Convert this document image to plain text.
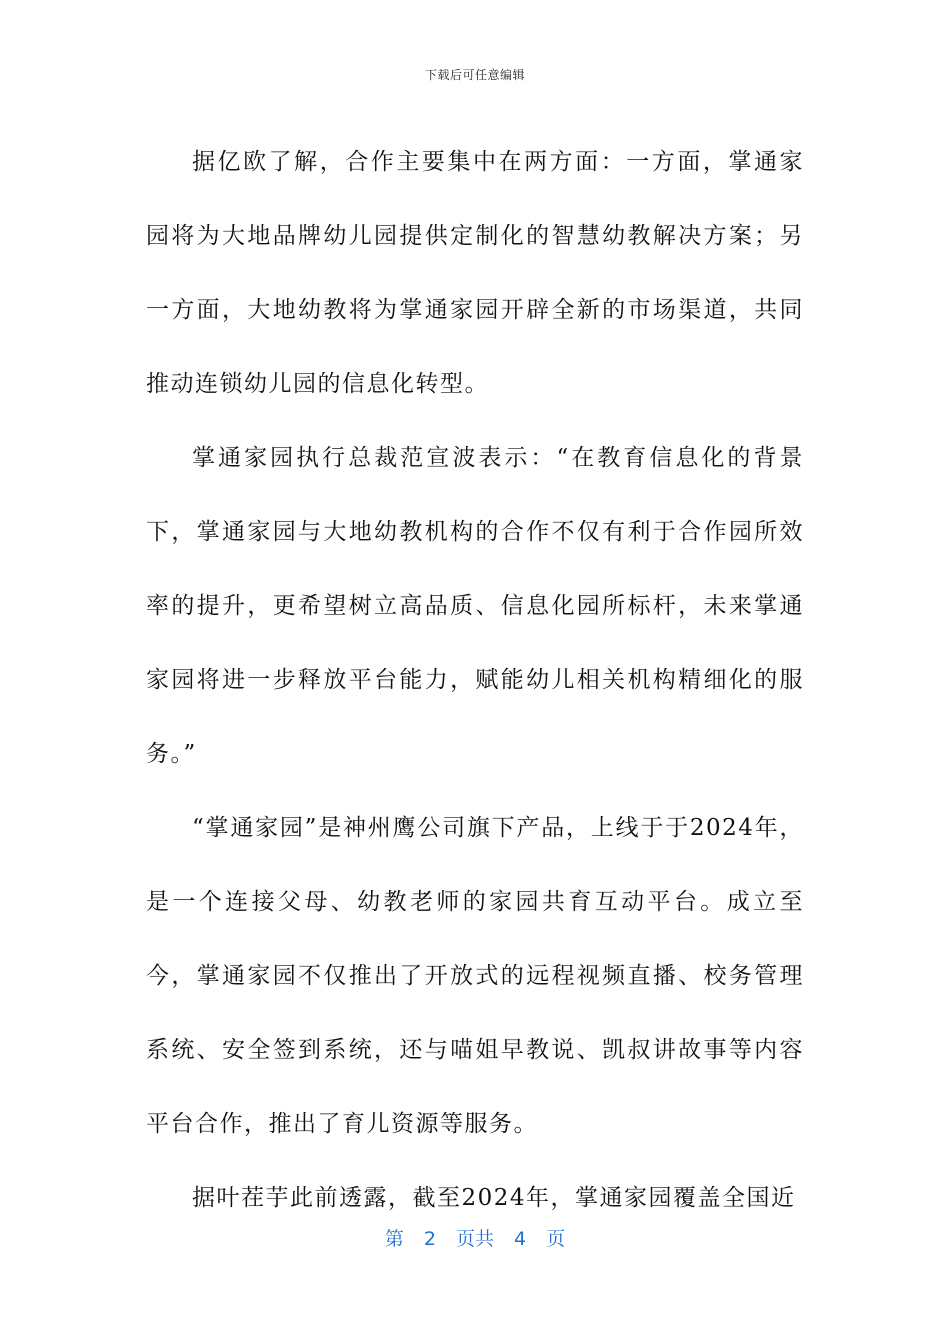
下载后可任意编辑

据亿欧了解，合作主要集中在两方面：一方面，掌通家园将为大地品牌幼儿园提供定制化的智慧幼教解决方案；另一方面，大地幼教将为掌通家园开辟全新的市场渠道，共同推动连锁幼儿园的信息化转型。

掌通家园执行总裁范宣波表示：“在教育信息化的背景下，掌通家园与大地幼教机构的合作不仅有利于合作园所效率的提升，更希望树立高品质、信息化园所标杆，未来掌通家园将进一步释放平台能力，赋能幼儿相关机构精细化的服务。”

“掌通家园”是神州鹰公司旗下产品，上线于于2024年，是一个连接父母、幼教老师的家园共育互动平台。成立至今，掌通家园不仅推出了开放式的远程视频直播、校务管理系统、安全签到系统，还与喵姐早教说、凯叔讲故事等内容平台合作，推出了育儿资源等服务。

据叶茬芋此前透露，截至2024年，掌通家园覆盖全国近

第 2 页共 4 页
